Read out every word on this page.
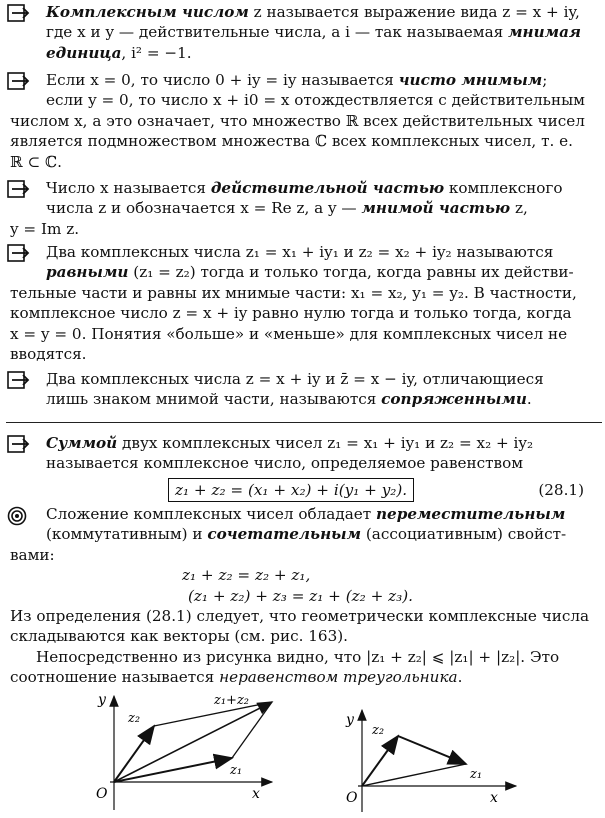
Комплексным числом z называется выражение вида z = x + iy,
где x и y — действительные числа, a i — так называемая мнимая
единица, i² = −1.
Если x = 0, то число 0 + iy = iy называется чисто мнимым;
если y = 0, то число x + i0 = x отождествляется с действительным
числом x, а это означает, что множество ℝ всех действительных чисел
является подмножеством множества ℂ всех комплексных чисел, т. е.
ℝ ⊂ ℂ.
Число x называется действительной частью комплексного
числа z и обозначается x = Re z, а y — мнимой частью z,
y = Im z.
Два комплексных числа z₁ = x₁ + iy₁ и z₂ = x₂ + iy₂ называются
равными (z₁ = z₂) тогда и только тогда, когда равны их действи-
тельные части и равны их мнимые части: x₁ = x₂, y₁ = y₂. В частности,
комплексное число z = x + iy равно нулю тогда и только тогда, когда
x = y = 0. Понятия «больше» и «меньше» для комплексных чисел не
вводятся.
Два комплексных числа z = x + iy и z̄ = x − iy, отличающиеся
лишь знаком мнимой части, называются сопряженными.
Суммой двух комплексных чисел z₁ = x₁ + iy₁ и z₂ = x₂ + iy₂
называется комплексное число, определяемое равенством
z₁ + z₂ = (x₁ + x₂) + i(y₁ + y₂).	(28.1)
Сложение комплексных чисел обладает переместительным
(коммутативным) и сочетательным (ассоциативным) свойст-
вами:
z₁ + z₂ = z₂ + z₁,
(z₁ + z₂) + z₃ = z₁ + (z₂ + z₃).
Из определения (28.1) следует, что геометрически комплексные числа
складываются как векторы (см. рис. 163).
Непосредственно из рисунка видно, что |z₁ + z₂| ⩽ |z₁| + |z₂|. Это
соотношение называется неравенством треугольника.
y
x
O
z₂
z₁
z₁+z₂
y
x
O
z₂
z₁
